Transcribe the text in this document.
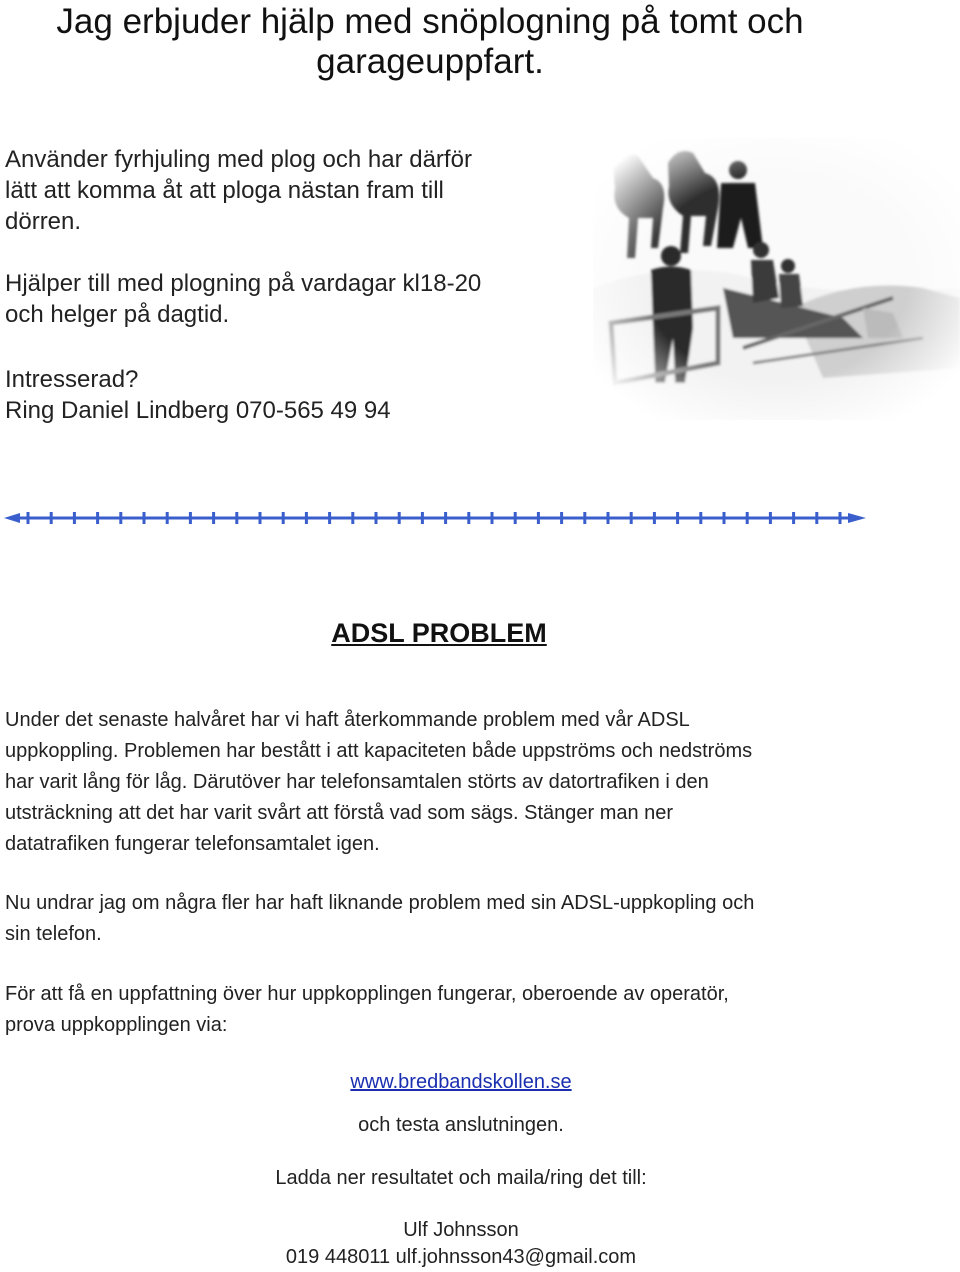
Jag erbjuder hjälp med snöplogning på tomt och
garageuppfart.
Använder fyrhjuling med plog och har därför
lätt att komma åt att ploga nästan fram till
dörren.
Hjälper till med plogning på vardagar kl18-20
och helger på dagtid.
Intresserad?
Ring Daniel Lindberg 070-565 49 94
ADSL PROBLEM
Under det senaste halvåret har vi haft återkommande problem med vår ADSL
uppkoppling. Problemen har bestått i att kapaciteten både uppströms och nedströms
har varit lång för låg. Därutöver har telefonsamtalen störts av datortrafiken i den
utsträckning att det har varit svårt att förstå vad som sägs. Stänger man ner
datatrafiken fungerar telefonsamtalet igen.
Nu undrar jag om några fler har haft liknande problem med sin ADSL-uppkopling och
sin telefon.
För att få en uppfattning över hur uppkopplingen fungerar, oberoende av operatör,
prova uppkopplingen via:
www.bredbandskollen.se
och testa anslutningen.
Ladda ner resultatet och maila/ring det till:
Ulf Johnsson
019 448011 ulf.johnsson43@gmail.com
